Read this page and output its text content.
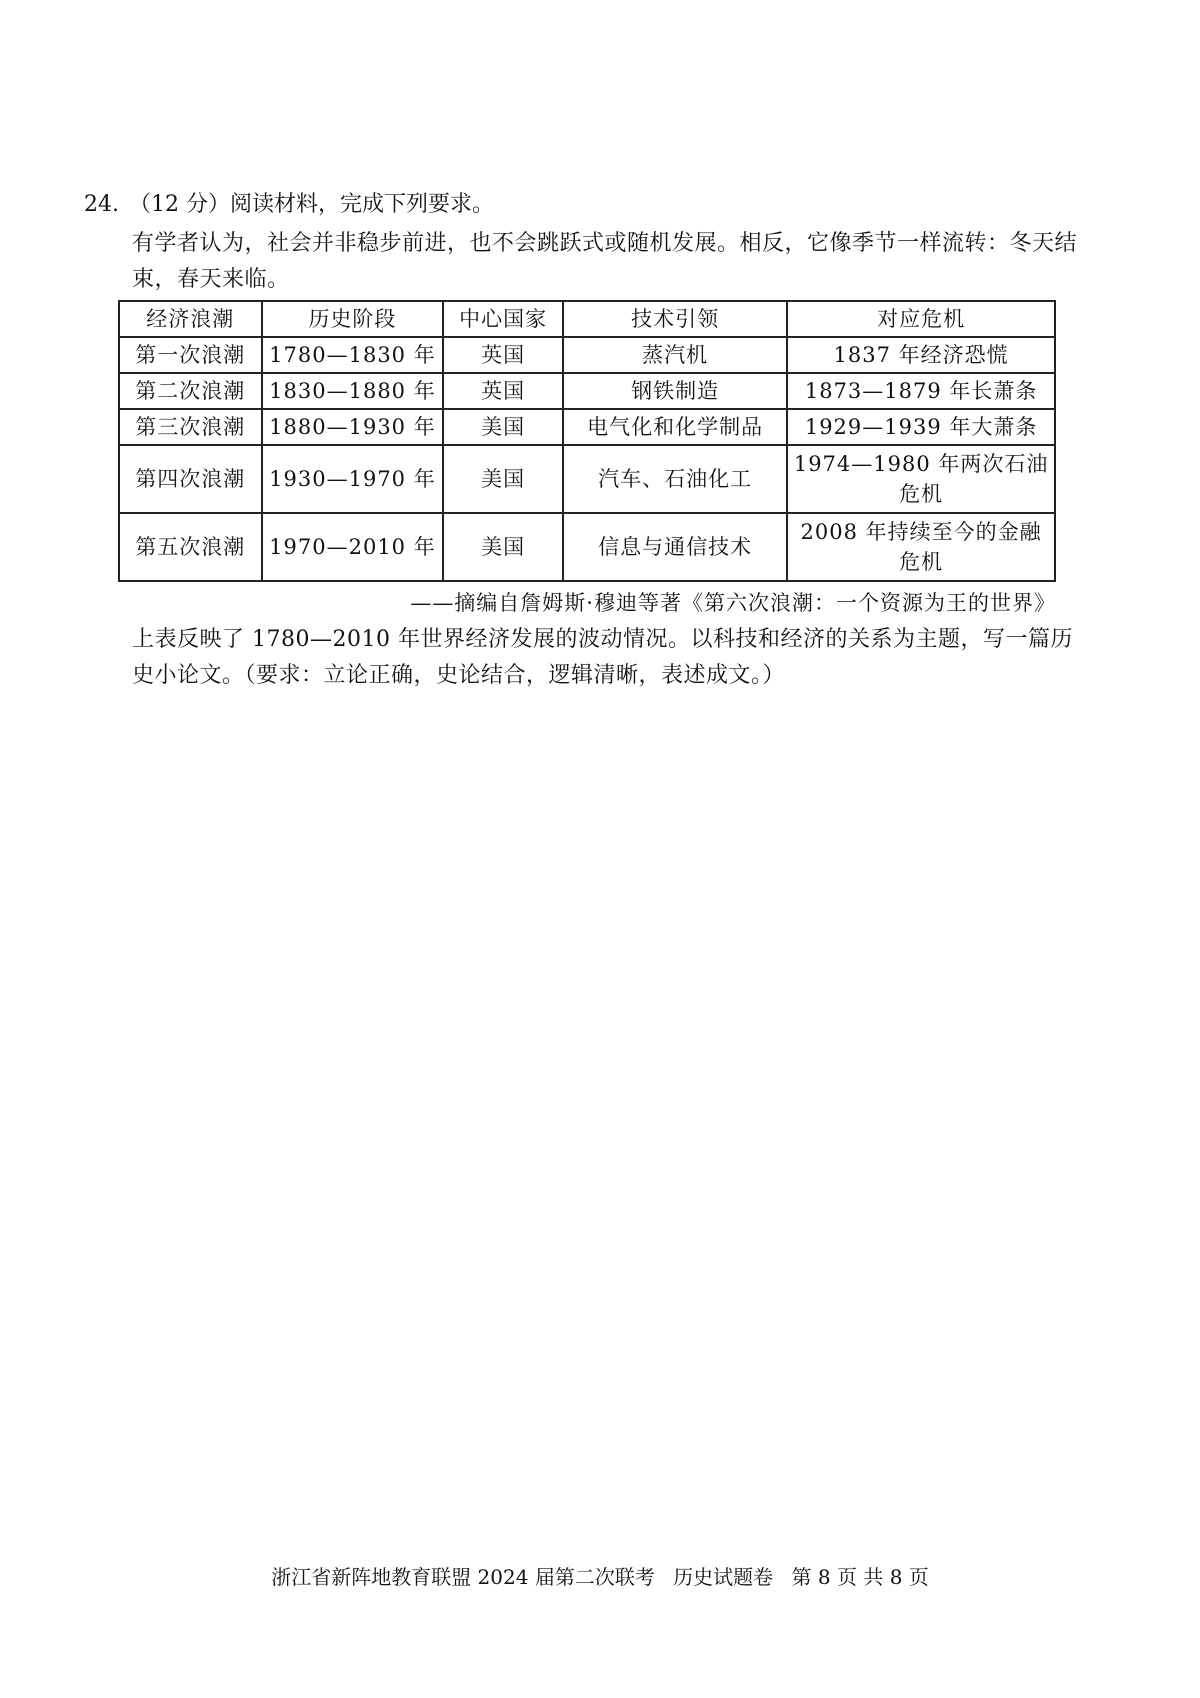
24. （12 分）阅读材料，完成下列要求。
有学者认为，社会并非稳步前进，也不会跳跃式或随机发展。相反，它像季节一样流转：冬天结束，春天来临。
经济浪潮	历史阶段	中心国家	技术引领	对应危机
第一次浪潮	1780—1830 年	英国	蒸汽机	1837 年经济恐慌
第二次浪潮	1830—1880 年	英国	钢铁制造	1873—1879 年长萧条
第三次浪潮	1880—1930 年	美国	电气化和化学制品	1929—1939 年大萧条
第四次浪潮	1930—1970 年	美国	汽车、石油化工	1974—1980 年两次石油危机
第五次浪潮	1970—2010 年	美国	信息与通信技术	2008 年持续至今的金融危机
——摘编自詹姆斯·穆迪等著《第六次浪潮：一个资源为王的世界》
上表反映了 1780—2010 年世界经济发展的波动情况。以科技和经济的关系为主题，写一篇历史小论文。（要求：立论正确，史论结合，逻辑清晰，表述成文。）
浙江省新阵地教育联盟 2024 届第二次联考 历史试题卷 第 8 页 共 8 页
